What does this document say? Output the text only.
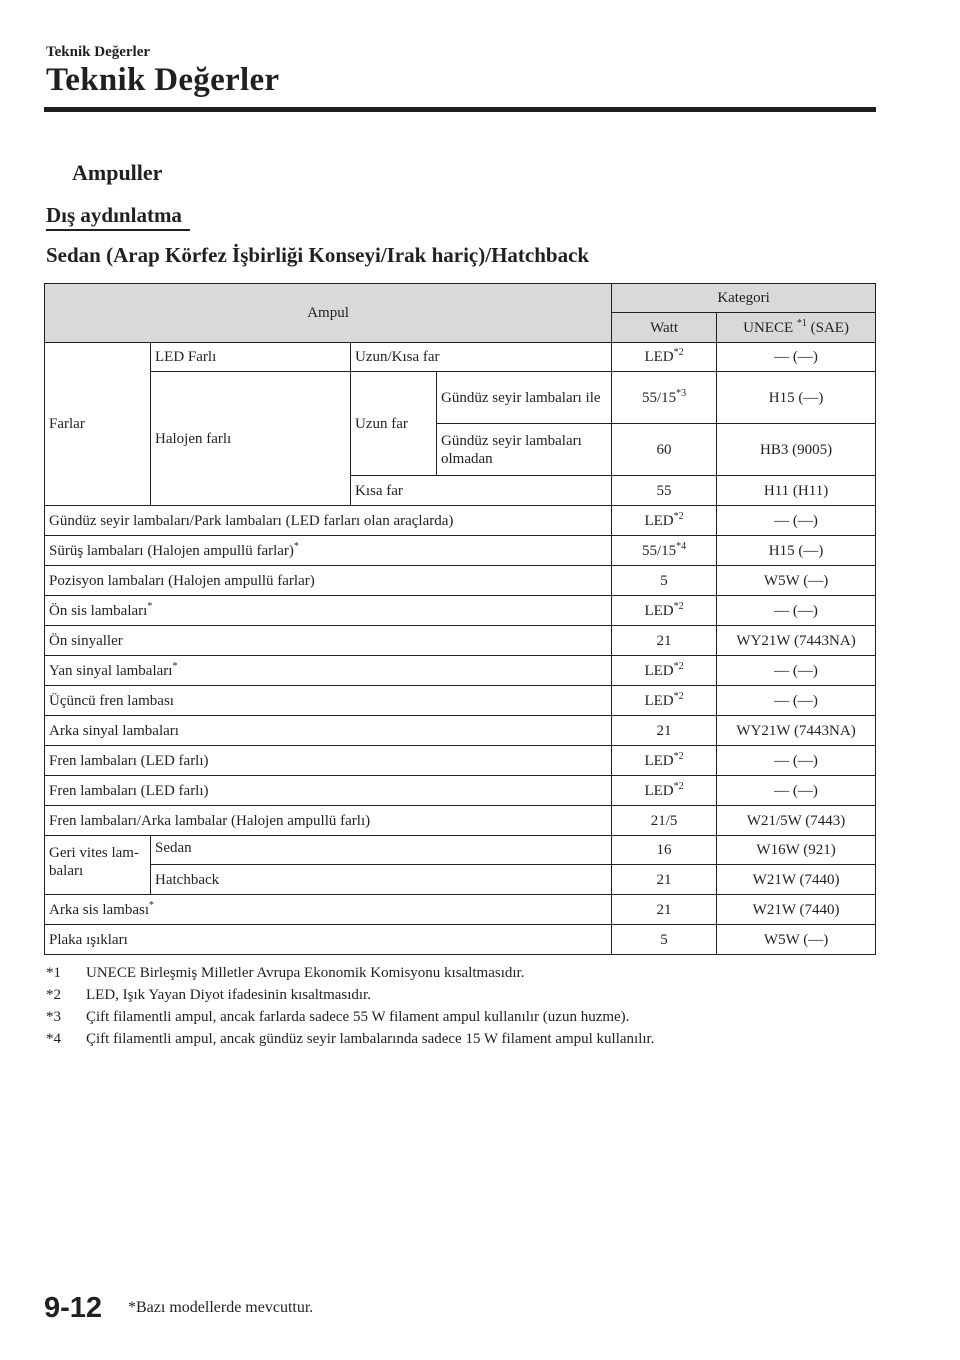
Teknik Değerler
Teknik Değerler
Ampuller
Dış aydınlatma
Sedan (Arap Körfez İşbirliği Konseyi/Irak hariç)/Hatchback
Ampul				Kategori	
				Watt	UNECE $^{*1}$ (SAE)
Farlar	LED Farlı	Uzun/Kısa far		LED$^{*2}$	— (—)
	Halojen farlı	Uzun far	Gündüz seyir lambaları ile	55/15$^{*3}$	H15 (—)
			Gündüz seyir lambaları olmadan	60	HB3 (9005)
		Kısa far		55	H11 (H11)
Gündüz seyir lambaları/Park lambaları (LED farları olan araçlarda)				LED$^{*2}$	— (—)
Sürüş lambaları (Halojen ampullü farlar)*				55/15$^{*4}$	H15 (—)
Pozisyon lambaları (Halojen ampullü farlar)				5	W5W (—)
Ön sis lambaları*				LED$^{*2}$	— (—)
Ön sinyaller				21	WY21W (7443NA)
Yan sinyal lambaları*				LED$^{*2}$	— (—)
Üçüncü fren lambası				LED$^{*2}$	— (—)
Arka sinyal lambaları				21	WY21W (7443NA)
Fren lambaları (LED farlı)				LED$^{*2}$	— (—)
Fren lambaları (LED farlı)				LED$^{*2}$	— (—)
Fren lambaları/Arka lambalar (Halojen ampullü farlı)				21/5	W21/5W (7443)
Geri vites lam-
baları	Sedan			16	W16W (921)
	Hatchback			21	W21W (7440)
Arka sis lambası*				21	W21W (7440)
Plaka ışıkları				5	W5W (—)
*1	UNECE Birleşmiş Milletler Avrupa Ekonomik Komisyonu kısaltmasıdır.
*2	LED, Işık Yayan Diyot ifadesinin kısaltmasıdır.
*3	Çift filamentli ampul, ancak farlarda sadece 55 W filament ampul kullanılır (uzun huzme).
*4	Çift filamentli ampul, ancak gündüz seyir lambalarında sadece 15 W filament ampul kullanılır.
9-12 *Bazı modellerde mevcuttur.
